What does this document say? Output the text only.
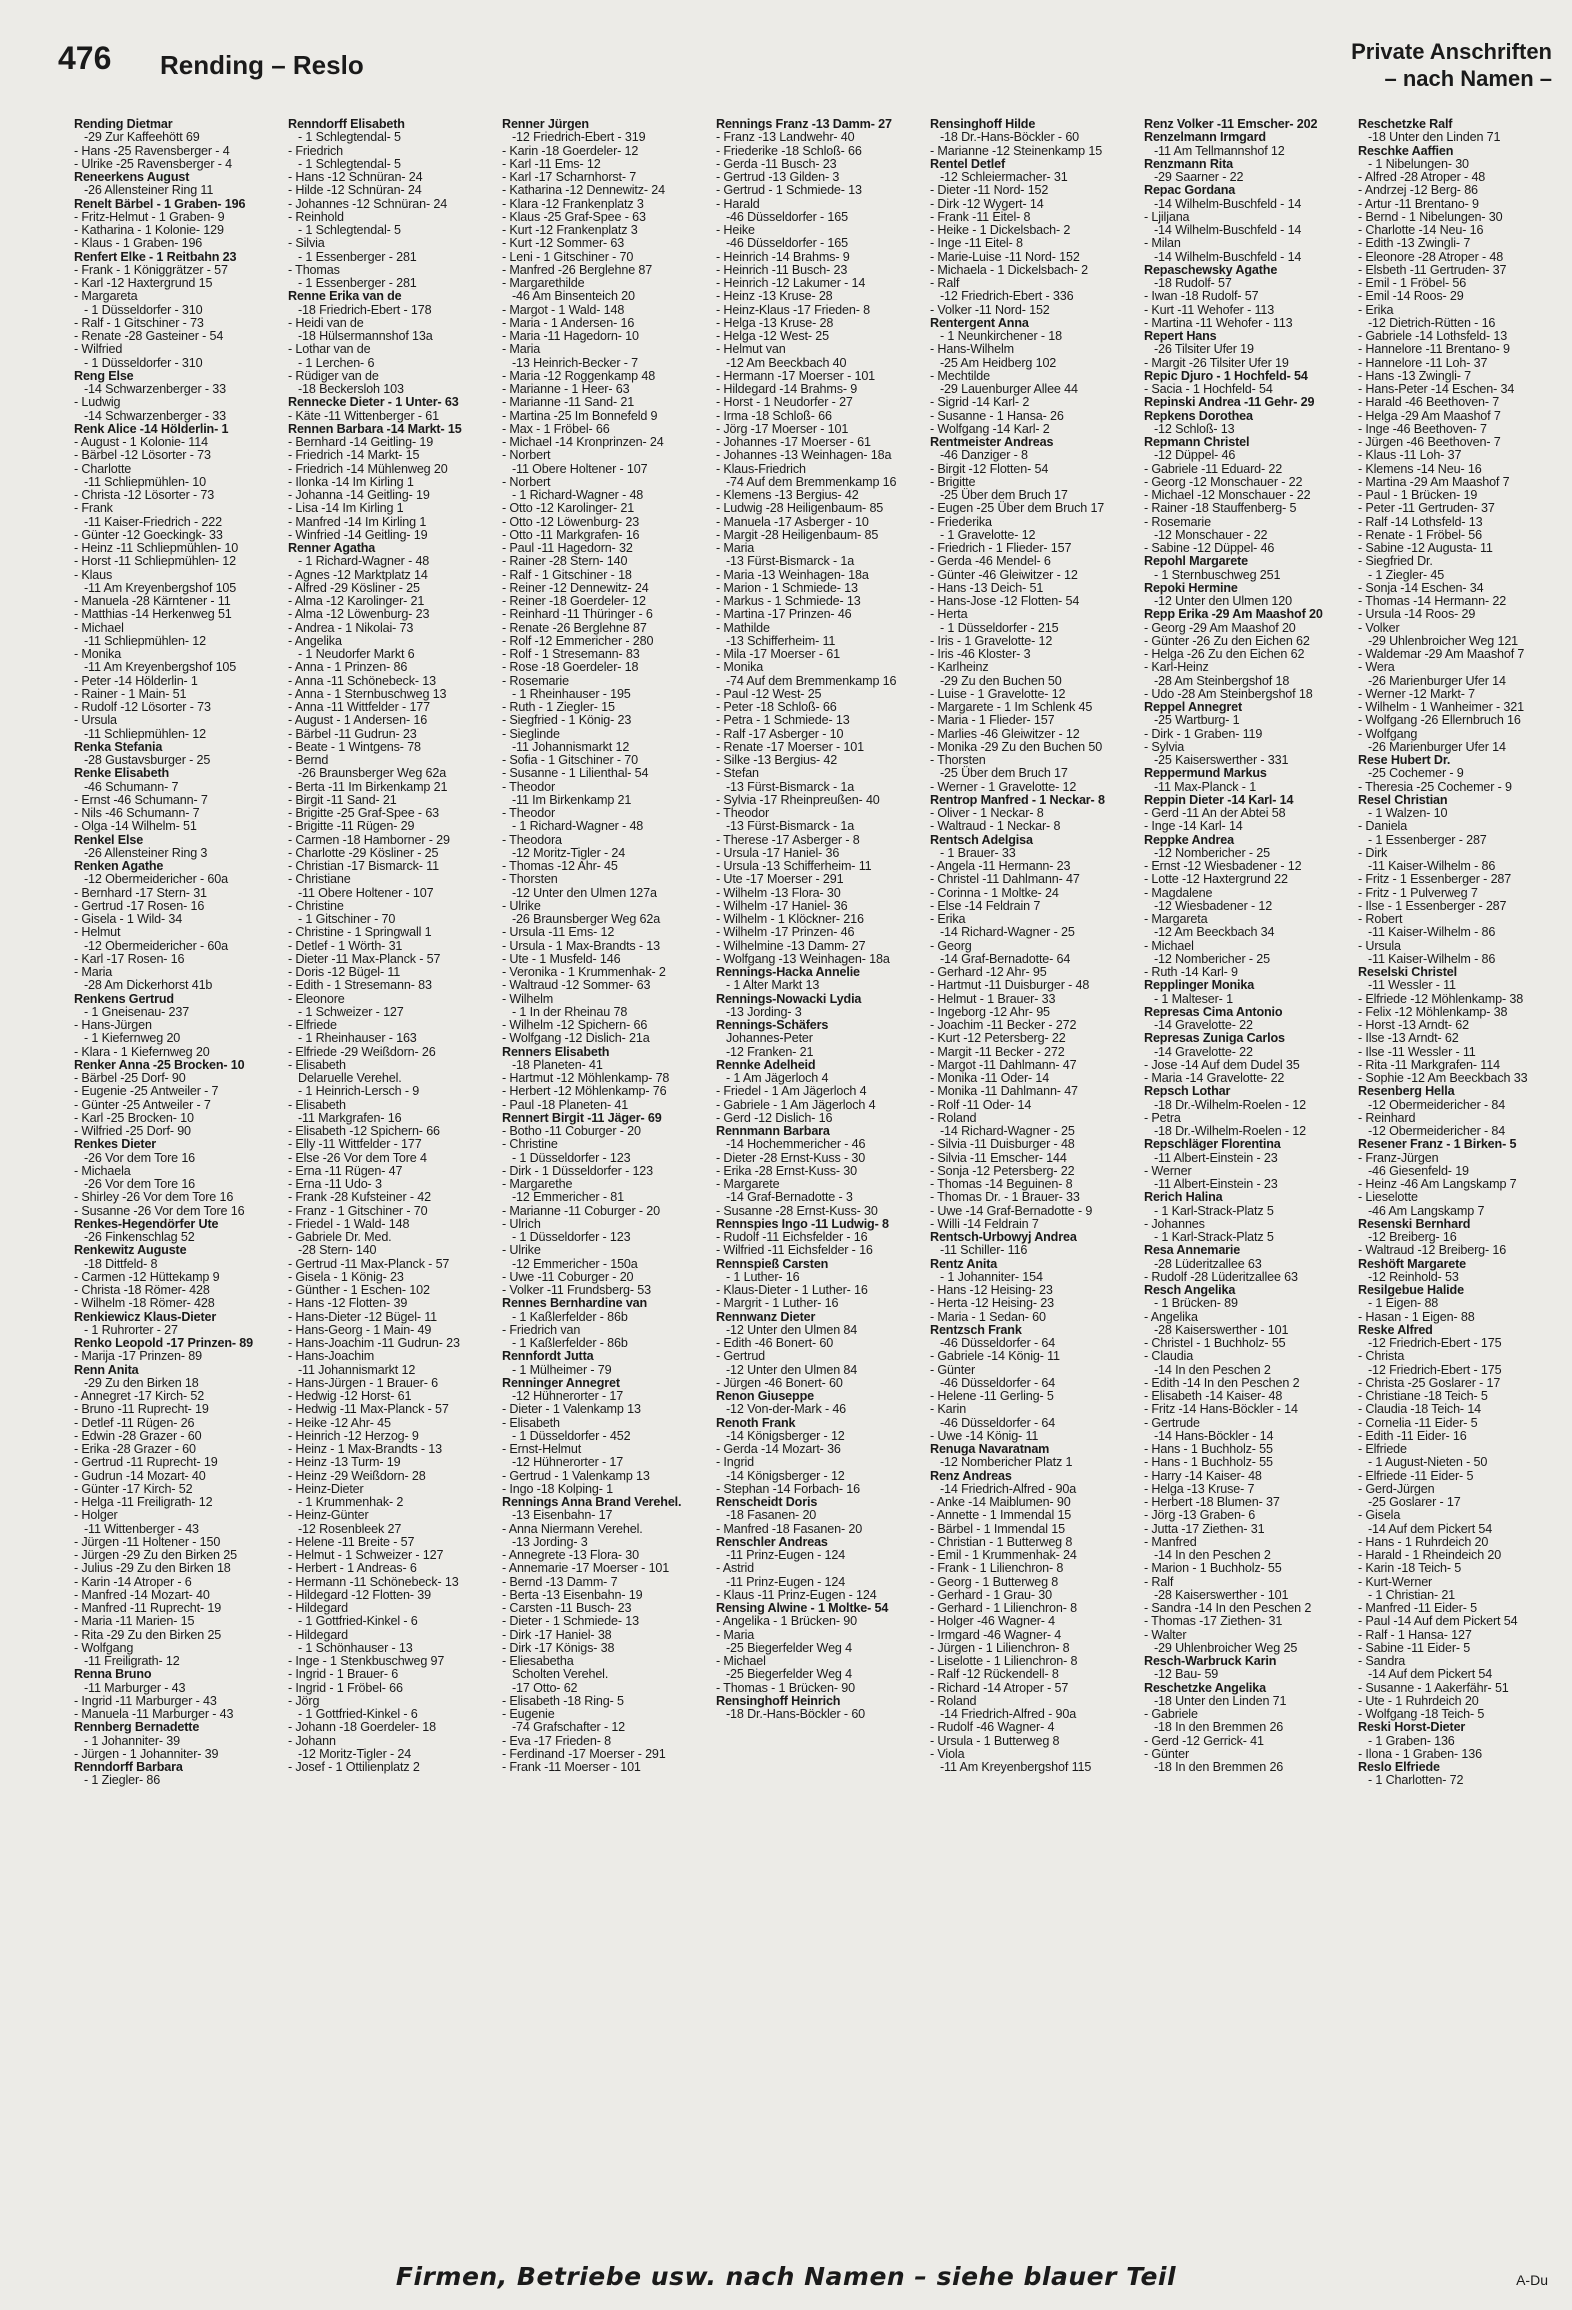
476 Rending – Reslo	Private Anschriften
– nach Namen –
Rending Dietmar
-29 Zur Kaffeehött 69
- Hans -25 Ravensberger - 4
- Ulrike -25 Ravensberger - 4
Reneerkens August
-26 Allensteiner Ring 11
Renelt Bärbel - 1 Graben- 196
- Fritz-Helmut - 1 Graben- 9
- Katharina - 1 Kolonie- 129
- Klaus - 1 Graben- 196
Renfert Elke - 1 Reitbahn 23
- Frank - 1 Königgrätzer - 57
- Karl -12 Haxtergrund 15
- Margareta
- 1 Düsseldorfer - 310
- Ralf - 1 Gitschiner - 73
- Renate -28 Gasteiner - 54
- Wilfried
- 1 Düsseldorfer - 310
Reng Else
-14 Schwarzenberger - 33
- Ludwig
-14 Schwarzenberger - 33
Renk Alice -14 Hölderlin- 1
- August - 1 Kolonie- 114
- Bärbel -12 Lösorter - 73
- Charlotte
-11 Schliepmühlen- 10
- Christa -12 Lösorter - 73
- Frank
-11 Kaiser-Friedrich - 222
- Günter -12 Goeckingk- 33
- Heinz -11 Schliepmühlen- 10
- Horst -11 Schliepmühlen- 12
- Klaus
-11 Am Kreyenbergshof 105
- Manuela -28 Kärntener - 11
- Matthias -14 Herkenweg 51
- Michael
-11 Schliepmühlen- 12
- Monika
-11 Am Kreyenbergshof 105
- Peter -14 Hölderlin- 1
- Rainer - 1 Main- 51
- Rudolf -12 Lösorter - 73
- Ursula
-11 Schliepmühlen- 12
Renka Stefania
-28 Gustavsburger - 25
Renke Elisabeth
-46 Schumann- 7
- Ernst -46 Schumann- 7
- Nils -46 Schumann- 7
- Olga -14 Wilhelm- 51
Renkel Else
-26 Allensteiner Ring 3
Renken Agathe
-12 Obermeidericher - 60a
- Bernhard -17 Stern- 31
- Gertrud -17 Rosen- 16
- Gisela - 1 Wild- 34
- Helmut
-12 Obermeidericher - 60a
- Karl -17 Rosen- 16
- Maria
-28 Am Dickerhorst 41b
Renkens Gertrud
- 1 Gneisenau- 237
- Hans-Jürgen
- 1 Kiefernweg 20
- Klara - 1 Kiefernweg 20
Renker Anna -25 Brocken- 10
- Bärbel -25 Dorf- 90
- Eugenie -25 Antweiler - 7
- Günter -25 Antweiler - 7
- Karl -25 Brocken- 10
- Wilfried -25 Dorf- 90
Renkes Dieter
-26 Vor dem Tore 16
- Michaela
-26 Vor dem Tore 16
- Shirley -26 Vor dem Tore 16
- Susanne -26 Vor dem Tore 16
Renkes-Hegendörfer Ute
-26 Finkenschlag 52
Renkewitz Auguste
-18 Dittfeld- 8
- Carmen -12 Hüttekamp 9
- Christa -18 Römer- 428
- Wilhelm -18 Römer- 428
Renkiewicz Klaus-Dieter
- 1 Ruhrorter - 27
Renko Leopold -17 Prinzen- 89
- Marija -17 Prinzen- 89
Renn Anita
-29 Zu den Birken 18
- Annegret -17 Kirch- 52
- Bruno -11 Ruprecht- 19
- Detlef -11 Rügen- 26
- Edwin -28 Grazer - 60
- Erika -28 Grazer - 60
- Gertrud -11 Ruprecht- 19
- Gudrun -14 Mozart- 40
- Günter -17 Kirch- 52
- Helga -11 Freiligrath- 12
- Holger
-11 Wittenberger - 43
- Jürgen -11 Holtener - 150
- Jürgen -29 Zu den Birken 25
- Julius -29 Zu den Birken 18
- Karin -14 Atroper - 6
- Manfred -14 Mozart- 40
- Manfred -11 Ruprecht- 19
- Maria -11 Marien- 15
- Rita -29 Zu den Birken 25
- Wolfgang
-11 Freiligrath- 12
Renna Bruno
-11 Marburger - 43
- Ingrid -11 Marburger - 43
- Manuela -11 Marburger - 43
Rennberg Bernadette
- 1 Johanniter- 39
- Jürgen - 1 Johanniter- 39
Renndorff Barbara
- 1 Ziegler- 86
Renndorff Elisabeth
- 1 Schlegtendal- 5
- Friedrich
- 1 Schlegtendal- 5
- Hans -12 Schnüran- 24
- Hilde -12 Schnüran- 24
- Johannes -12 Schnüran- 24
- Reinhold
- 1 Schlegtendal- 5
- Silvia
- 1 Essenberger - 281
- Thomas
- 1 Essenberger - 281
Renne Erika van de
-18 Friedrich-Ebert - 178
- Heidi van de
-18 Hülsermannshof 13a
- Lothar van de
- 1 Lerchen- 6
- Rüdiger van de
-18 Beckersloh 103
Rennecke Dieter - 1 Unter- 63
- Käte -11 Wittenberger - 61
Rennen Barbara -14 Markt- 15
- Bernhard -14 Geitling- 19
- Friedrich -14 Markt- 15
- Friedrich -14 Mühlenweg 20
- Ilonka -14 Im Kirling 1
- Johanna -14 Geitling- 19
- Lisa -14 Im Kirling 1
- Manfred -14 Im Kirling 1
- Winfried -14 Geitling- 19
Renner Agatha
- 1 Richard-Wagner - 48
- Agnes -12 Marktplatz 14
- Alfred -29 Kösliner - 25
- Alma -12 Karolinger- 21
- Alma -12 Löwenburg- 23
- Andrea - 1 Nikolai- 73
- Angelika
- 1 Neudorfer Markt 6
- Anna - 1 Prinzen- 86
- Anna -11 Schönebeck- 13
- Anna - 1 Sternbuschweg 13
- Anna -11 Wittfelder - 177
- August - 1 Andersen- 16
- Bärbel -11 Gudrun- 23
- Beate - 1 Wintgens- 78
- Bernd
-26 Braunsberger Weg 62a
- Berta -11 Im Birkenkamp 21
- Birgit -11 Sand- 21
- Brigitte -25 Graf-Spee - 63
- Brigitte -11 Rügen- 29
- Carmen -18 Hamborner - 29
- Charlotte -29 Kösliner - 25
- Christian -17 Bismarck- 11
- Christiane
-11 Obere Holtener - 107
- Christine
- 1 Gitschiner - 70
- Christine - 1 Springwall 1
- Detlef - 1 Wörth- 31
- Dieter -11 Max-Planck - 57
- Doris -12 Bügel- 11
- Edith - 1 Stresemann- 83
- Eleonore
- 1 Schweizer - 127
- Elfriede
- 1 Rheinhauser - 163
- Elfriede -29 Weißdorn- 26
- Elisabeth
Delaruelle Verehel.
- 1 Heinrich-Lersch - 9
- Elisabeth
-11 Markgrafen- 16
- Elisabeth -12 Spichern- 66
- Elly -11 Wittfelder - 177
- Else -26 Vor dem Tore 4
- Erna -11 Rügen- 47
- Erna -11 Udo- 3
- Frank -28 Kufsteiner - 42
- Franz - 1 Gitschiner - 70
- Friedel - 1 Wald- 148
- Gabriele Dr. Med.
-28 Stern- 140
- Gertrud -11 Max-Planck - 57
- Gisela - 1 König- 23
- Günther - 1 Eschen- 102
- Hans -12 Flotten- 39
- Hans-Dieter -12 Bügel- 11
- Hans-Georg - 1 Main- 49
- Hans-Joachim -11 Gudrun- 23
- Hans-Joachim
-11 Johannismarkt 12
- Hans-Jürgen - 1 Brauer- 6
- Hedwig -12 Horst- 61
- Hedwig -11 Max-Planck - 57
- Heike -12 Ahr- 45
- Heinrich -12 Herzog- 9
- Heinz - 1 Max-Brandts - 13
- Heinz -13 Turm- 19
- Heinz -29 Weißdorn- 28
- Heinz-Dieter
- 1 Krummenhak- 2
- Heinz-Günter
-12 Rosenbleek 27
- Helene -11 Breite - 57
- Helmut - 1 Schweizer - 127
- Herbert - 1 Andreas- 6
- Hermann -11 Schönebeck- 13
- Hildegard -12 Flotten- 39
- Hildegard
- 1 Gottfried-Kinkel - 6
- Hildegard
- 1 Schönhauser - 13
- Inge - 1 Stenkbuschweg 97
- Ingrid - 1 Brauer- 6
- Ingrid - 1 Fröbel- 66
- Jörg
- 1 Gottfried-Kinkel - 6
- Johann -18 Goerdeler- 18
- Johann
-12 Moritz-Tigler - 24
- Josef - 1 Ottilienplatz 2
Renner Jürgen
-12 Friedrich-Ebert - 319
- Karin -18 Goerdeler- 12
- Karl -11 Ems- 12
- Karl -17 Scharnhorst- 7
- Katharina -12 Dennewitz- 24
- Klara -12 Frankenplatz 3
- Klaus -25 Graf-Spee - 63
- Kurt -12 Frankenplatz 3
- Kurt -12 Sommer- 63
- Leni - 1 Gitschiner - 70
- Manfred -26 Berglehne 87
- Margarethilde
-46 Am Binsenteich 20
- Margot - 1 Wald- 148
- Maria - 1 Andersen- 16
- Maria -11 Hagedorn- 10
- Maria
-13 Heinrich-Becker - 7
- Maria -12 Roggenkamp 48
- Marianne - 1 Heer- 63
- Marianne -11 Sand- 21
- Martina -25 Im Bonnefeld 9
- Max - 1 Fröbel- 66
- Michael -14 Kronprinzen- 24
- Norbert
-11 Obere Holtener - 107
- Norbert
- 1 Richard-Wagner - 48
- Otto -12 Karolinger- 21
- Otto -12 Löwenburg- 23
- Otto -11 Markgrafen- 16
- Paul -11 Hagedorn- 32
- Rainer -28 Stern- 140
- Ralf - 1 Gitschiner - 18
- Reiner -12 Dennewitz- 24
- Reiner -18 Goerdeler- 12
- Reinhard -11 Thüringer - 6
- Renate -26 Berglehne 87
- Rolf -12 Emmericher - 280
- Rolf - 1 Stresemann- 83
- Rose -18 Goerdeler- 18
- Rosemarie
- 1 Rheinhauser - 195
- Ruth - 1 Ziegler- 15
- Siegfried - 1 König- 23
- Sieglinde
-11 Johannismarkt 12
- Sofia - 1 Gitschiner - 70
- Susanne - 1 Lilienthal- 54
- Theodor
-11 Im Birkenkamp 21
- Theodor
- 1 Richard-Wagner - 48
- Theodora
-12 Moritz-Tigler - 24
- Thomas -12 Ahr- 45
- Thorsten
-12 Unter den Ulmen 127a
- Ulrike
-26 Braunsberger Weg 62a
- Ursula -11 Ems- 12
- Ursula - 1 Max-Brandts - 13
- Ute - 1 Musfeld- 146
- Veronika - 1 Krummenhak- 2
- Waltraud -12 Sommer- 63
- Wilhelm
- 1 In der Rheinau 78
- Wilhelm -12 Spichern- 66
- Wolfgang -12 Dislich- 21a
Renners Elisabeth
-18 Planeten- 41
- Hartmut -12 Möhlenkamp- 78
- Herbert -12 Möhlenkamp- 76
- Paul -18 Planeten- 41
Rennert Birgit -11 Jäger- 69
- Botho -11 Coburger - 20
- Christine
- 1 Düsseldorfer - 123
- Dirk - 1 Düsseldorfer - 123
- Margarethe
-12 Emmericher - 81
- Marianne -11 Coburger - 20
- Ulrich
- 1 Düsseldorfer - 123
- Ulrike
-12 Emmericher - 150a
- Uwe -11 Coburger - 20
- Volker -11 Frundsberg- 53
Rennes Bernhardine van
- 1 Kaßlerfelder - 86b
- Friedrich van
- 1 Kaßlerfelder - 86b
Rennfordt Jutta
- 1 Mülheimer - 79
Renninger Annegret
-12 Hühnerorter - 17
- Dieter - 1 Valenkamp 13
- Elisabeth
- 1 Düsseldorfer - 452
- Ernst-Helmut
-12 Hühnerorter - 17
- Gertrud - 1 Valenkamp 13
- Ingo -18 Kolping- 1
Rennings Anna Brand Verehel.
-13 Eisenbahn- 17
- Anna Niermann Verehel.
-13 Jording- 3
- Annegrete -13 Flora- 30
- Annemarie -17 Moerser - 101
- Bernd -13 Damm- 7
- Berta -13 Eisenbahn- 19
- Carsten -11 Busch- 23
- Dieter - 1 Schmiede- 13
- Dirk -17 Haniel- 38
- Dirk -17 Königs- 38
- Eliesabetha
Scholten Verehel.
-17 Otto- 62
- Elisabeth -18 Ring- 5
- Eugenie
-74 Grafschafter - 12
- Eva -17 Frieden- 8
- Ferdinand -17 Moerser - 291
- Frank -11 Moerser - 101
Rennings Franz -13 Damm- 27
- Franz -13 Landwehr- 40
- Friederike -18 Schloß- 66
- Gerda -11 Busch- 23
- Gertrud -13 Gilden- 3
- Gertrud - 1 Schmiede- 13
- Harald
-46 Düsseldorfer - 165
- Heike
-46 Düsseldorfer - 165
- Heinrich -14 Brahms- 9
- Heinrich -11 Busch- 23
- Heinrich -12 Lakumer - 14
- Heinz -13 Kruse- 28
- Heinz-Klaus -17 Frieden- 8
- Helga -13 Kruse- 28
- Helga -12 West- 25
- Helmut van
-12 Am Beeckbach 40
- Hermann -17 Moerser - 101
- Hildegard -14 Brahms- 9
- Horst - 1 Neudorfer - 27
- Irma -18 Schloß- 66
- Jörg -17 Moerser - 101
- Johannes -17 Moerser - 61
- Johannes -13 Weinhagen- 18a
- Klaus-Friedrich
-74 Auf dem Bremmenkamp 16
- Klemens -13 Bergius- 42
- Ludwig -28 Heiligenbaum- 85
- Manuela -17 Asberger - 10
- Margit -28 Heiligenbaum- 85
- Maria
-13 Fürst-Bismarck - 1a
- Maria -13 Weinhagen- 18a
- Marion - 1 Schmiede- 13
- Markus - 1 Schmiede- 13
- Martina -17 Prinzen- 46
- Mathilde
-13 Schifferheim- 11
- Mila -17 Moerser - 61
- Monika
-74 Auf dem Bremmenkamp 16
- Paul -12 West- 25
- Peter -18 Schloß- 66
- Petra - 1 Schmiede- 13
- Ralf -17 Asberger - 10
- Renate -17 Moerser - 101
- Silke -13 Bergius- 42
- Stefan
-13 Fürst-Bismarck - 1a
- Sylvia -17 Rheinpreußen- 40
- Theodor
-13 Fürst-Bismarck - 1a
- Therese -17 Asberger - 8
- Ursula -17 Haniel- 36
- Ursula -13 Schifferheim- 11
- Ute -17 Moerser - 291
- Wilhelm -13 Flora- 30
- Wilhelm -17 Haniel- 36
- Wilhelm - 1 Klöckner- 216
- Wilhelm -17 Prinzen- 46
- Wilhelmine -13 Damm- 27
- Wolfgang -13 Weinhagen- 18a
Rennings-Hacka Annelie
- 1 Alter Markt 13
Rennings-Nowacki Lydia
-13 Jording- 3
Rennings-Schäfers
Johannes-Peter
-12 Franken- 21
Rennke Adelheid
- 1 Am Jägerloch 4
- Friedel - 1 Am Jägerloch 4
- Gabriele - 1 Am Jägerloch 4
- Gerd -12 Dislich- 16
Rennmann Barbara
-14 Hochemmericher - 46
- Dieter -28 Ernst-Kuss - 30
- Erika -28 Ernst-Kuss- 30
- Margarete
-14 Graf-Bernadotte - 3
- Susanne -28 Ernst-Kuss- 30
Rennspies Ingo -11 Ludwig- 8
- Rudolf -11 Eichsfelder - 16
- Wilfried -11 Eichsfelder - 16
Rennspieß Carsten
- 1 Luther- 16
- Klaus-Dieter - 1 Luther- 16
- Margrit - 1 Luther- 16
Rennwanz Dieter
-12 Unter den Ulmen 84
- Edith -46 Bonert- 60
- Gertrud
-12 Unter den Ulmen 84
- Jürgen -46 Bonert- 60
Renon Giuseppe
-12 Von-der-Mark - 46
Renoth Frank
-14 Königsberger - 12
- Gerda -14 Mozart- 36
- Ingrid
-14 Königsberger - 12
- Stephan -14 Forbach- 16
Renscheidt Doris
-18 Fasanen- 20
- Manfred -18 Fasanen- 20
Renschler Andreas
-11 Prinz-Eugen - 124
- Astrid
-11 Prinz-Eugen - 124
- Klaus -11 Prinz-Eugen - 124
Rensing Alwine - 1 Moltke- 54
- Angelika - 1 Brücken- 90
- Maria
-25 Biegerfelder Weg 4
- Michael
-25 Biegerfelder Weg 4
- Thomas - 1 Brücken- 90
Rensinghoff Heinrich
-18 Dr.-Hans-Böckler - 60
Rensinghoff Hilde
-18 Dr.-Hans-Böckler - 60
- Marianne -12 Steinenkamp 15
Rentel Detlef
-12 Schleiermacher- 31
- Dieter -11 Nord- 152
- Dirk -12 Wygert- 14
- Frank -11 Eitel- 8
- Heike - 1 Dickelsbach- 2
- Inge -11 Eitel- 8
- Marie-Luise -11 Nord- 152
- Michaela - 1 Dickelsbach- 2
- Ralf
-12 Friedrich-Ebert - 336
- Volker -11 Nord- 152
Rentergent Anna
- 1 Neunkirchener - 18
- Hans-Wilhelm
-25 Am Heidberg 102
- Mechtilde
-29 Lauenburger Allee 44
- Sigrid -14 Karl- 2
- Susanne - 1 Hansa- 26
- Wolfgang -14 Karl- 2
Rentmeister Andreas
-46 Danziger - 8
- Birgit -12 Flotten- 54
- Brigitte
-25 Über dem Bruch 17
- Eugen -25 Über dem Bruch 17
- Friederika
- 1 Gravelotte- 12
- Friedrich - 1 Flieder- 157
- Gerda -46 Mendel- 6
- Günter -46 Gleiwitzer - 12
- Hans -13 Deich- 51
- Hans-Jose -12 Flotten- 54
- Herta
- 1 Düsseldorfer - 215
- Iris - 1 Gravelotte- 12
- Iris -46 Kloster- 3
- Karlheinz
-29 Zu den Buchen 50
- Luise - 1 Gravelotte- 12
- Margarete - 1 Im Schlenk 45
- Maria - 1 Flieder- 157
- Marlies -46 Gleiwitzer - 12
- Monika -29 Zu den Buchen 50
- Thorsten
-25 Über dem Bruch 17
- Werner - 1 Gravelotte- 12
Rentrop Manfred - 1 Neckar- 8
- Oliver - 1 Neckar- 8
- Waltraud - 1 Neckar- 8
Rentsch Adelgisa
- 1 Brauer- 33
- Angela -11 Hermann- 23
- Christel -11 Dahlmann- 47
- Corinna - 1 Moltke- 24
- Else -14 Feldrain 7
- Erika
-14 Richard-Wagner - 25
- Georg
-14 Graf-Bernadotte- 64
- Gerhard -12 Ahr- 95
- Hartmut -11 Duisburger - 48
- Helmut - 1 Brauer- 33
- Ingeborg -12 Ahr- 95
- Joachim -11 Becker - 272
- Kurt -12 Petersberg- 22
- Margit -11 Becker - 272
- Margot -11 Dahlmann- 47
- Monika -11 Oder- 14
- Monika -11 Dahlmann- 47
- Rolf -11 Oder- 14
- Roland
-14 Richard-Wagner - 25
- Silvia -11 Duisburger - 48
- Silvia -11 Emscher- 144
- Sonja -12 Petersberg- 22
- Thomas -14 Beguinen- 8
- Thomas Dr. - 1 Brauer- 33
- Uwe -14 Graf-Bernadotte - 9
- Willi -14 Feldrain 7
Rentsch-Urbowyj Andrea
-11 Schiller- 116
Rentz Anita
- 1 Johanniter- 154
- Hans -12 Heising- 23
- Herta -12 Heising- 23
- Maria - 1 Sedan- 60
Rentzsch Frank
-46 Düsseldorfer - 64
- Gabriele -14 König- 11
- Günter
-46 Düsseldorfer - 64
- Helene -11 Gerling- 5
- Karin
-46 Düsseldorfer - 64
- Uwe -14 König- 11
Renuga Navaratnam
-12 Nombericher Platz 1
Renz Andreas
-14 Friedrich-Alfred - 90a
- Anke -14 Maiblumen- 90
- Annette - 1 Immendal 15
- Bärbel - 1 Immendal 15
- Christian - 1 Butterweg 8
- Emil - 1 Krummenhak- 24
- Frank - 1 Lilienchron- 8
- Georg - 1 Butterweg 8
- Gerhard - 1 Grau- 30
- Gerhard - 1 Lilienchron- 8
- Holger -46 Wagner- 4
- Irmgard -46 Wagner- 4
- Jürgen - 1 Lilienchron- 8
- Liselotte - 1 Lilienchron- 8
- Ralf -12 Rückendell- 8
- Richard -14 Atroper - 57
- Roland
-14 Friedrich-Alfred - 90a
- Rudolf -46 Wagner- 4
- Ursula - 1 Butterweg 8
- Viola
-11 Am Kreyenbergshof 115
Renz Volker -11 Emscher- 202
Renzelmann Irmgard
-11 Am Tellmannshof 12
Renzmann Rita
-29 Saarner - 22
Repac Gordana
-14 Wilhelm-Buschfeld - 14
- Ljiljana
-14 Wilhelm-Buschfeld - 14
- Milan
-14 Wilhelm-Buschfeld - 14
Repaschewsky Agathe
-18 Rudolf- 57
- Iwan -18 Rudolf- 57
- Kurt -11 Wehofer - 113
- Martina -11 Wehofer - 113
Repert Hans
-26 Tilsiter Ufer 19
- Margit -26 Tilsiter Ufer 19
Repic Djuro - 1 Hochfeld- 54
- Sacia - 1 Hochfeld- 54
Repinski Andrea -11 Gehr- 29
Repkens Dorothea
-12 Schloß- 13
Repmann Christel
-12 Düppel- 46
- Gabriele -11 Eduard- 22
- Georg -12 Monschauer - 22
- Michael -12 Monschauer - 22
- Rainer -18 Stauffenberg- 5
- Rosemarie
-12 Monschauer - 22
- Sabine -12 Düppel- 46
Repohl Margarete
- 1 Sternbuschweg 251
Repoki Hermine
-12 Unter den Ulmen 120
Repp Erika -29 Am Maashof 20
- Georg -29 Am Maashof 20
- Günter -26 Zu den Eichen 62
- Helga -26 Zu den Eichen 62
- Karl-Heinz
-28 Am Steinbergshof 18
- Udo -28 Am Steinbergshof 18
Reppel Annegret
-25 Wartburg- 1
- Dirk - 1 Graben- 119
- Sylvia
-25 Kaiserswerther - 331
Reppermund Markus
-11 Max-Planck - 1
Reppin Dieter -14 Karl- 14
- Gerd -11 An der Abtei 58
- Inge -14 Karl- 14
Reppke Andrea
-12 Nombericher - 25
- Ernst -12 Wiesbadener - 12
- Lotte -12 Haxtergrund 22
- Magdalene
-12 Wiesbadener - 12
- Margareta
-12 Am Beeckbach 34
- Michael
-12 Nombericher - 25
- Ruth -14 Karl- 9
Repplinger Monika
- 1 Malteser- 1
Represas Cima Antonio
-14 Gravelotte- 22
Represas Zuniga Carlos
-14 Gravelotte- 22
- Jose -14 Auf dem Dudel 35
- Maria -14 Gravelotte- 22
Repsch Lothar
-18 Dr.-Wilhelm-Roelen - 12
- Petra
-18 Dr.-Wilhelm-Roelen - 12
Repschläger Florentina
-11 Albert-Einstein - 23
- Werner
-11 Albert-Einstein - 23
Rerich Halina
- 1 Karl-Strack-Platz 5
- Johannes
- 1 Karl-Strack-Platz 5
Resa Annemarie
-28 Lüderitzallee 63
- Rudolf -28 Lüderitzallee 63
Resch Angelika
- 1 Brücken- 89
- Angelika
-28 Kaiserswerther - 101
- Christel - 1 Buchholz- 55
- Claudia
-14 In den Peschen 2
- Edith -14 In den Peschen 2
- Elisabeth -14 Kaiser- 48
- Fritz -14 Hans-Böckler - 14
- Gertrude
-14 Hans-Böckler - 14
- Hans - 1 Buchholz- 55
- Hans - 1 Buchholz- 55
- Harry -14 Kaiser- 48
- Helga -13 Kruse- 7
- Herbert -18 Blumen- 37
- Jörg -13 Graben- 6
- Jutta -17 Ziethen- 31
- Manfred
-14 In den Peschen 2
- Marion - 1 Buchholz- 55
- Ralf
-28 Kaiserswerther - 101
- Sandra -14 In den Peschen 2
- Thomas -17 Ziethen- 31
- Walter
-29 Uhlenbroicher Weg 25
Resch-Warbruck Karin
-12 Bau- 59
Reschetzke Angelika
-18 Unter den Linden 71
- Gabriele
-18 In den Bremmen 26
- Gerd -12 Gerrick- 41
- Günter
-18 In den Bremmen 26
Reschetzke Ralf
-18 Unter den Linden 71
Reschke Aaffien
- 1 Nibelungen- 30
- Alfred -28 Atroper - 48
- Andrzej -12 Berg- 86
- Artur -11 Brentano- 9
- Bernd - 1 Nibelungen- 30
- Charlotte -14 Neu- 16
- Edith -13 Zwingli- 7
- Eleonore -28 Atroper - 48
- Elsbeth -11 Gertruden- 37
- Emil - 1 Fröbel- 56
- Emil -14 Roos- 29
- Erika
-12 Dietrich-Rütten - 16
- Gabriele -14 Lothsfeld- 13
- Hannelore -11 Brentano- 9
- Hannelore -11 Loh- 37
- Hans -13 Zwingli- 7
- Hans-Peter -14 Eschen- 34
- Harald -46 Beethoven- 7
- Helga -29 Am Maashof 7
- Inge -46 Beethoven- 7
- Jürgen -46 Beethoven- 7
- Klaus -11 Loh- 37
- Klemens -14 Neu- 16
- Martina -29 Am Maashof 7
- Paul - 1 Brücken- 19
- Peter -11 Gertruden- 37
- Ralf -14 Lothsfeld- 13
- Renate - 1 Fröbel- 56
- Sabine -12 Augusta- 11
- Siegfried Dr.
- 1 Ziegler- 45
- Sonja -14 Eschen- 34
- Thomas -14 Hermann- 22
- Ursula -14 Roos- 29
- Volker
-29 Uhlenbroicher Weg 121
- Waldemar -29 Am Maashof 7
- Wera
-26 Marienburger Ufer 14
- Werner -12 Markt- 7
- Wilhelm - 1 Wanheimer - 321
- Wolfgang -26 Ellernbruch 16
- Wolfgang
-26 Marienburger Ufer 14
Rese Hubert Dr.
-25 Cochemer - 9
- Theresia -25 Cochemer - 9
Resel Christian
- 1 Walzen- 10
- Daniela
- 1 Essenberger - 287
- Dirk
-11 Kaiser-Wilhelm - 86
- Fritz - 1 Essenberger - 287
- Fritz - 1 Pulverweg 7
- Ilse - 1 Essenberger - 287
- Robert
-11 Kaiser-Wilhelm - 86
- Ursula
-11 Kaiser-Wilhelm - 86
Reselski Christel
-11 Wessler - 11
- Elfriede -12 Möhlenkamp- 38
- Felix -12 Möhlenkamp- 38
- Horst -13 Arndt- 62
- Ilse -13 Arndt- 62
- Ilse -11 Wessler - 11
- Rita -11 Markgrafen- 114
- Sophie -12 Am Beeckbach 33
Resenberg Hella
-12 Obermeidericher - 84
- Reinhard
-12 Obermeidericher - 84
Resener Franz - 1 Birken- 5
- Franz-Jürgen
-46 Giesenfeld- 19
- Heinz -46 Am Langskamp 7
- Lieselotte
-46 Am Langskamp 7
Resenski Bernhard
-12 Breiberg- 16
- Waltraud -12 Breiberg- 16
Reshöft Margarete
-12 Reinhold- 53
Resilgebue Halide
- 1 Eigen- 88
- Hasan - 1 Eigen- 88
Reske Alfred
-12 Friedrich-Ebert - 175
- Christa
-12 Friedrich-Ebert - 175
- Christa -25 Goslarer - 17
- Christiane -18 Teich- 5
- Claudia -18 Teich- 14
- Cornelia -11 Eider- 5
- Edith -11 Eider- 16
- Elfriede
- 1 August-Nieten - 50
- Elfriede -11 Eider- 5
- Gerd-Jürgen
-25 Goslarer - 17
- Gisela
-14 Auf dem Pickert 54
- Hans - 1 Ruhrdeich 20
- Harald - 1 Rheindeich 20
- Karin -18 Teich- 5
- Kurt-Werner
- 1 Christian- 21
- Manfred -11 Eider- 5
- Paul -14 Auf dem Pickert 54
- Ralf - 1 Hansa- 127
- Sabine -11 Eider- 5
- Sandra
-14 Auf dem Pickert 54
- Susanne - 1 Aakerfähr- 51
- Ute - 1 Ruhrdeich 20
- Wolfgang -18 Teich- 5
Reski Horst-Dieter
- 1 Graben- 136
- Ilona - 1 Graben- 136
Reslo Elfriede
- 1 Charlotten- 72
Firmen, Betriebe usw. nach Namen – siehe blauer Teil	A-Du
